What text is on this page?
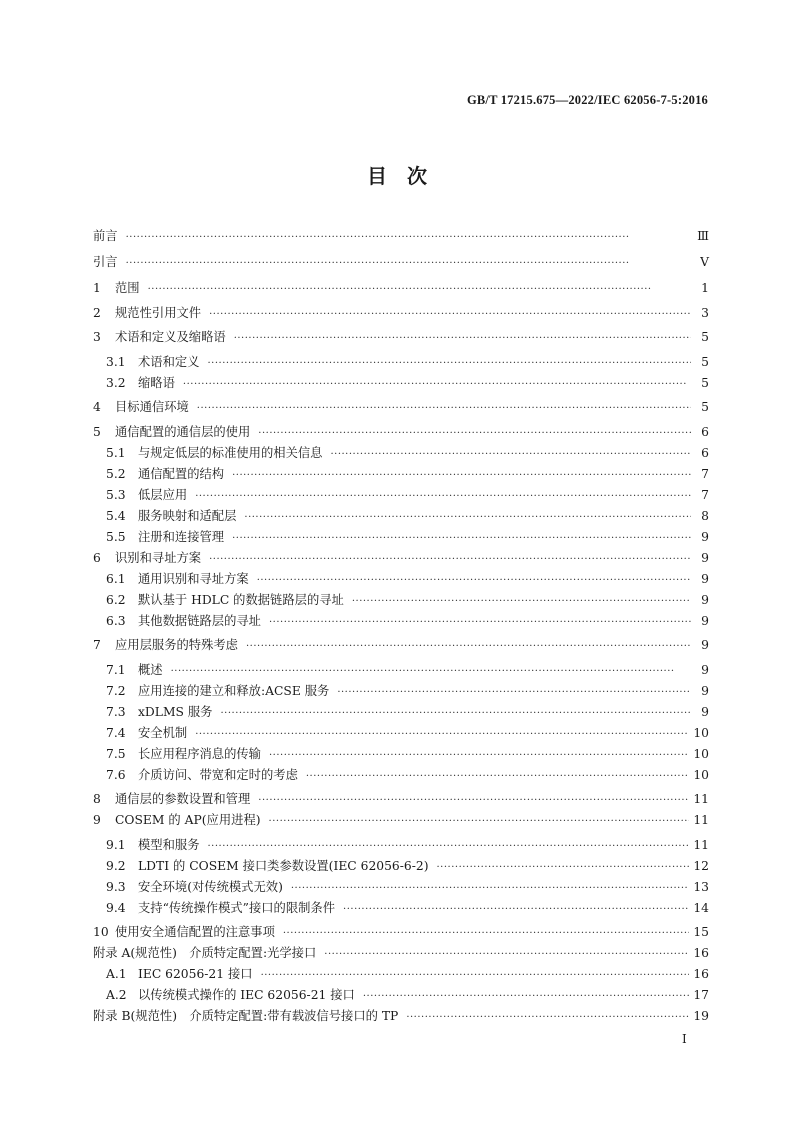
GB/T 17215.675—2022/IEC 62056-7-5:2016
目　次
前言 ·····	Ⅲ
引言 ·····	Ⅴ
1	范围 ·····	1
2	规范性引用文件 ·····	3
3	术语和定义及缩略语 ·····	5
3.1	术语和定义 ·····	5
3.2	缩略语 ·····	5
4	目标通信环境 ·····	5
5	通信配置的通信层的使用 ·····	6
5.1	与规定低层的标准使用的相关信息 ·····	6
5.2	通信配置的结构 ·····	7
5.3	低层应用 ·····	7
5.4	服务映射和适配层 ·····	8
5.5	注册和连接管理 ·····	9
6	识别和寻址方案 ·····	9
6.1	通用识别和寻址方案 ·····	9
6.2	默认基于 HDLC 的数据链路层的寻址 ·····	9
6.3	其他数据链路层的寻址 ·····	9
7	应用层服务的特殊考虑 ·····	9
7.1	概述 ·····	9
7.2	应用连接的建立和释放:ACSE 服务 ·····	9
7.3	xDLMS 服务 ·····	9
7.4	安全机制 ·····	10
7.5	长应用程序消息的传输 ·····	10
7.6	介质访问、带宽和定时的考虑 ·····	10
8	通信层的参数设置和管理 ·····	11
9	COSEM 的 AP(应用进程) ·····	11
9.1	模型和服务 ·····	11
9.2	LDTI 的 COSEM 接口类参数设置(IEC 62056-6-2) ·····	12
9.3	安全环境(对传统模式无效) ·····	13
9.4	支持“传统操作模式”接口的限制条件 ·····	14
10 使用安全通信配置的注意事项 ·····	15
附录 A(规范性)　介质特定配置:光学接口 ·····	16
A.1 IEC 62056-21 接口 ·····	16
A.2 以传统模式操作的 IEC 62056-21 接口 ·····	17
附录 B(规范性)　介质特定配置:带有载波信号接口的 TP ·····	19
I
